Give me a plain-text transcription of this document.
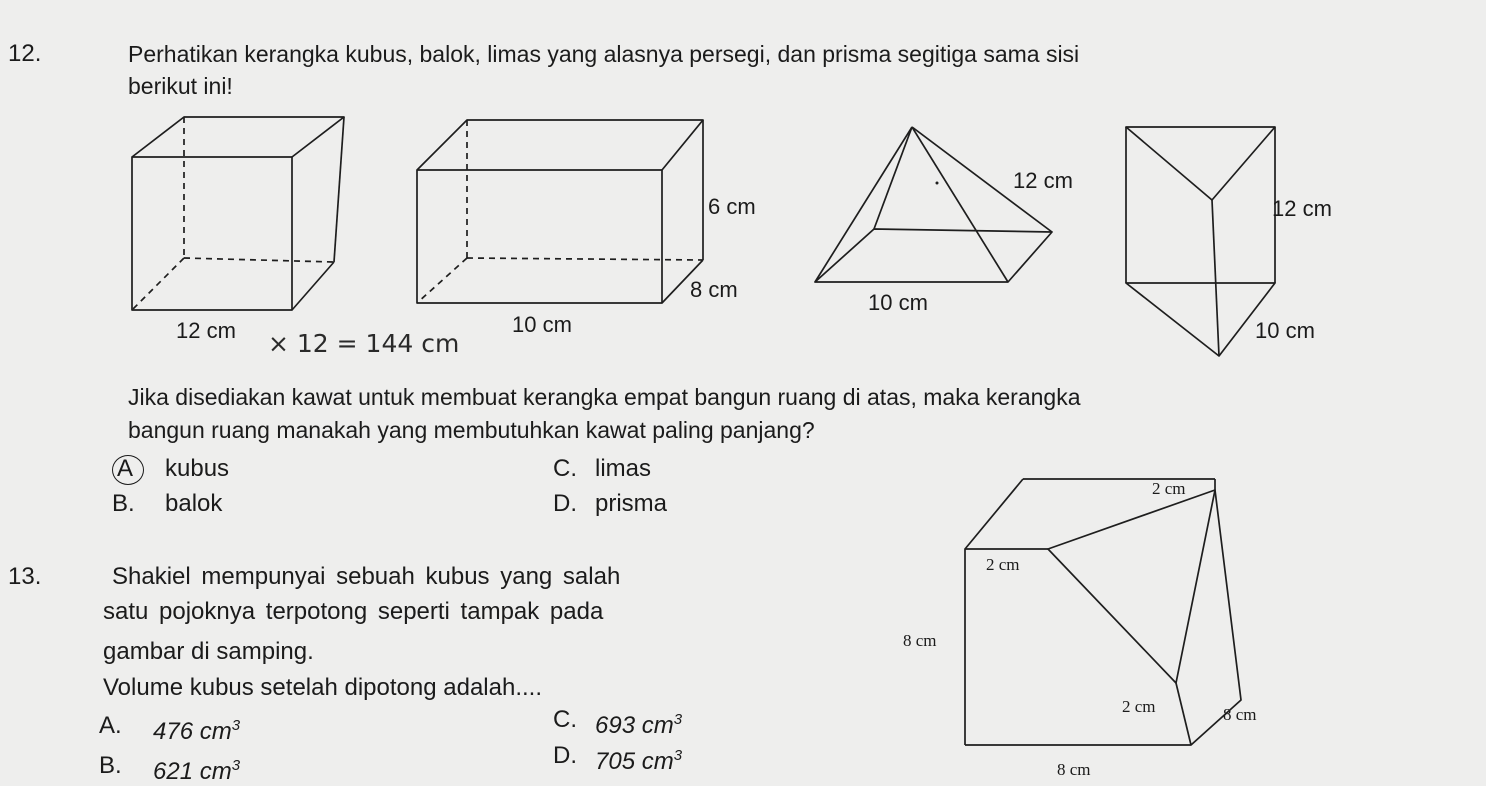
12.	Perhatikan kerangka kubus, balok, limas yang alasnya persegi, dan prisma segitiga sama sisi
berikut ini!
12 cm × 12 = 144 cm
6 cm
8 cm
10 cm
12 cm
10 cm
12 cm
10 cm
2 cm
2 cm
8 cm
2 cm	8 cm
8 cm
Jika disediakan kawat untuk membuat kerangka empat bangun ruang di atas, maka kerangka
bangun ruang manakah yang membutuhkan kawat paling panjang?
A kubus
B. balok
C. limas
D. prisma
13.	Shakiel mempunyai sebuah kubus yang salah
satu pojoknya terpotong seperti tampak pada
gambar di samping.
Volume kubus setelah dipotong adalah....
A. 476 $cm^3$
B. 621 $cm^3$
C. 693 $cm^3$
D. 705 $cm^3$
